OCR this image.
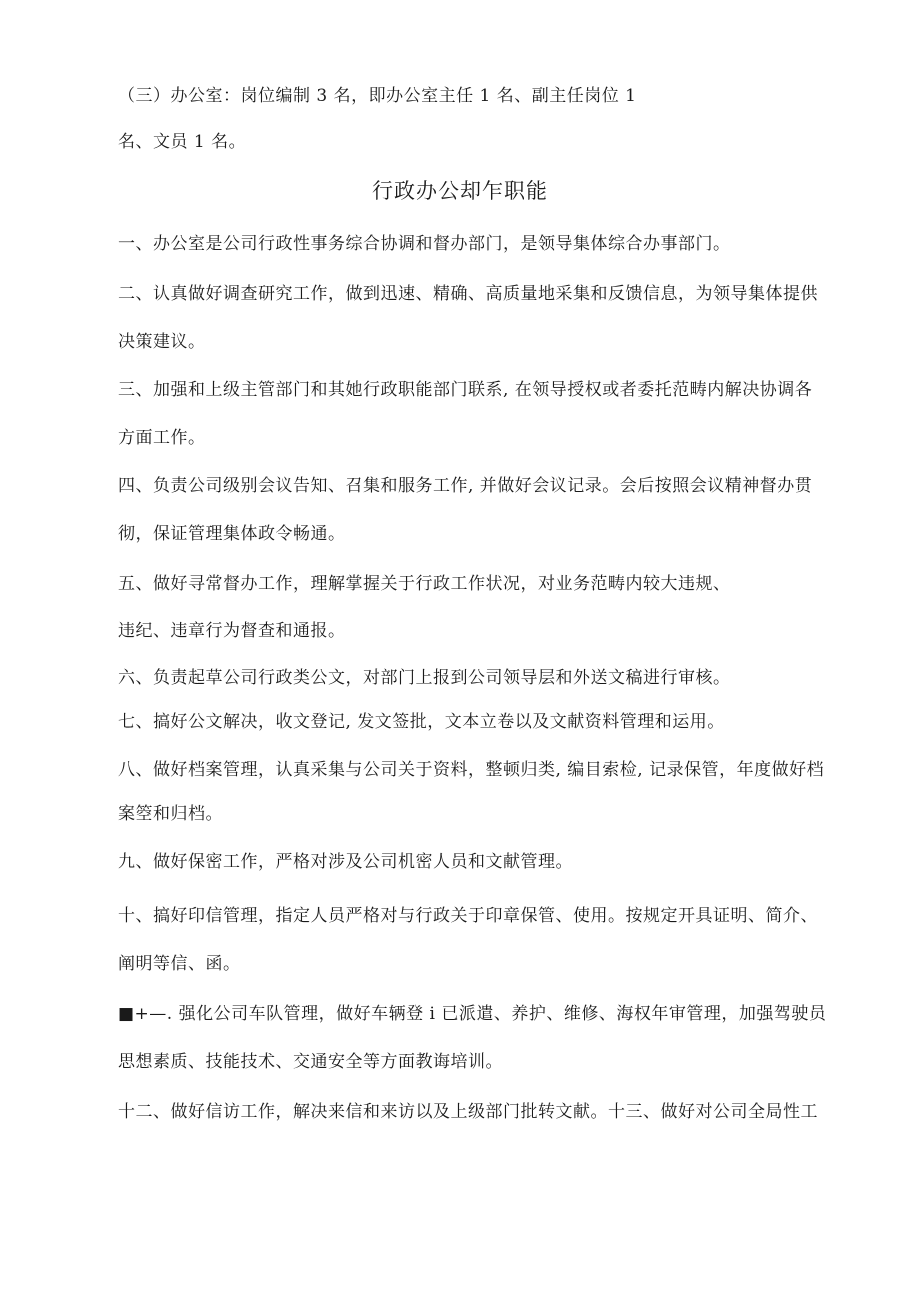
（三）办公室：岗位编制 3 名，即办公室主任 1 名、副主任岗位 1
名、文员 1 名。
行政办公却乍职能
一、办公室是公司行政性事务综合协调和督办部门，是领导集体综合办事部门。
二、认真做好调查研究工作，做到迅速、精确、高质量地采集和反馈信息，为领导集体提供
决策建议。
三、加强和上级主管部门和其她行政职能部门联系, 在领导授权或者委托范畴内解决协调各
方面工作。
四、负责公司级别会议告知、召集和服务工作, 并做好会议记录。会后按照会议精神督办贯
彻，保证管理集体政令畅通。
五、做好寻常督办工作，理解掌握关于行政工作状况，对业务范畴内较大违规、
违纪、违章行为督查和通报。
六、负责起草公司行政类公文，对部门上报到公司领导层和外送文稿进行审核。
七、搞好公文解决，收文登记, 发文签批，文本立卷以及文献资料管理和运用。
八、做好档案管理，认真采集与公司关于资料，整顿归类, 编目索检, 记录保管，年度做好档
案箜和归档。
九、做好保密工作，严格对涉及公司机密人员和文献管理。
十、搞好印信管理，指定人员严格对与行政关于印章保管、使用。按规定开具证明、简介、
阐明等信、函。
■+—. 强化公司车队管理，做好车辆登 i 已派遣、养护、维修、海权年审管理，加强驾驶员
思想素质、技能技术、交通安全等方面教诲培训。
十二、做好信访工作，解决来信和来访以及上级部门批转文献。十三、做好对公司全局性工
